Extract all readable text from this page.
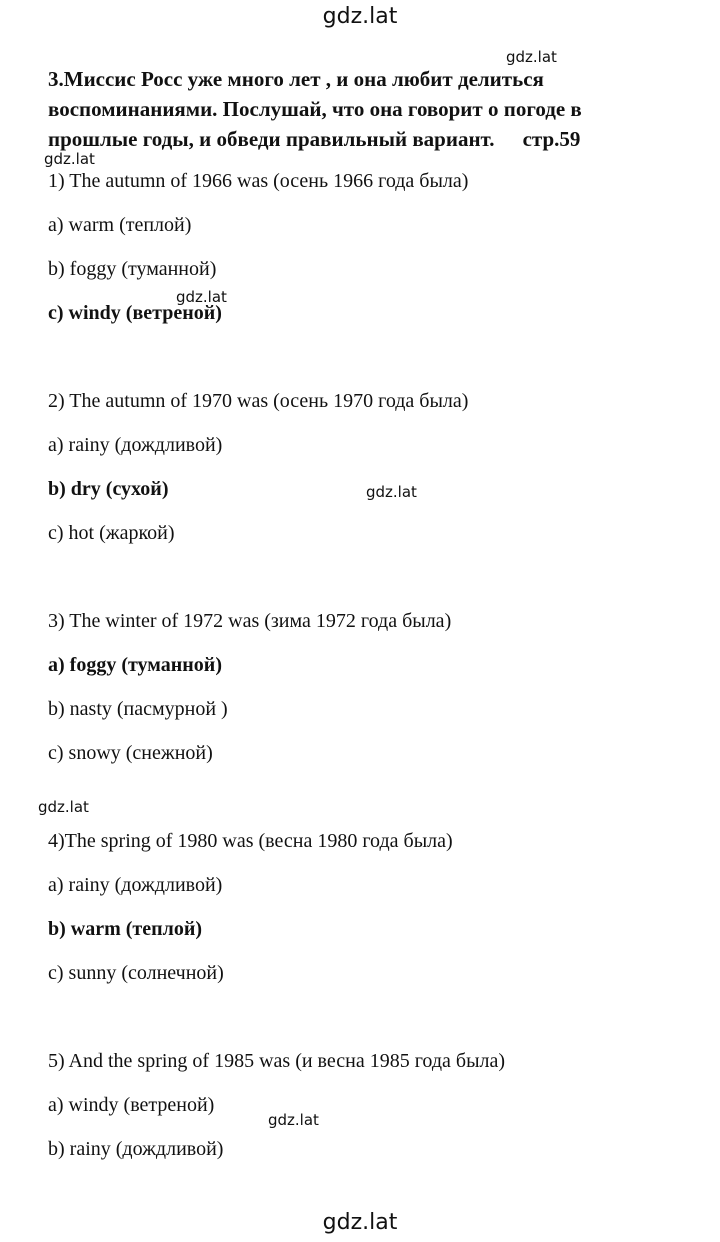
gdz.lat
gdz.lat
gdz.lat
gdz.lat
gdz.lat
gdz.lat
gdz.lat
gdz.lat
3.Миссис Росс уже много лет , и она любит делиться
воспоминаниями. Послушай, что она говорит о погоде в
прошлые годы, и обведи правильный вариант. стр.59
1) The autumn of 1966 was (осень 1966 года была)
a) warm (теплой)
b) foggy (туманной)
c) windy (ветреной)
2) The autumn of 1970 was (осень 1970 года была)
a) rainy (дождливой)
b) dry (сухой)
c) hot (жаркой)
3) The winter of 1972 was (зима 1972 года была)
a) foggy (туманной)
b) nasty (пасмурной )
c) snowy (снежной)
4)The spring of 1980 was (весна 1980 года была)
a) rainy (дождливой)
b) warm (теплой)
c) sunny (солнечной)
5) And the spring of 1985 was (и весна 1985 года была)
a) windy (ветреной)
b) rainy (дождливой)
